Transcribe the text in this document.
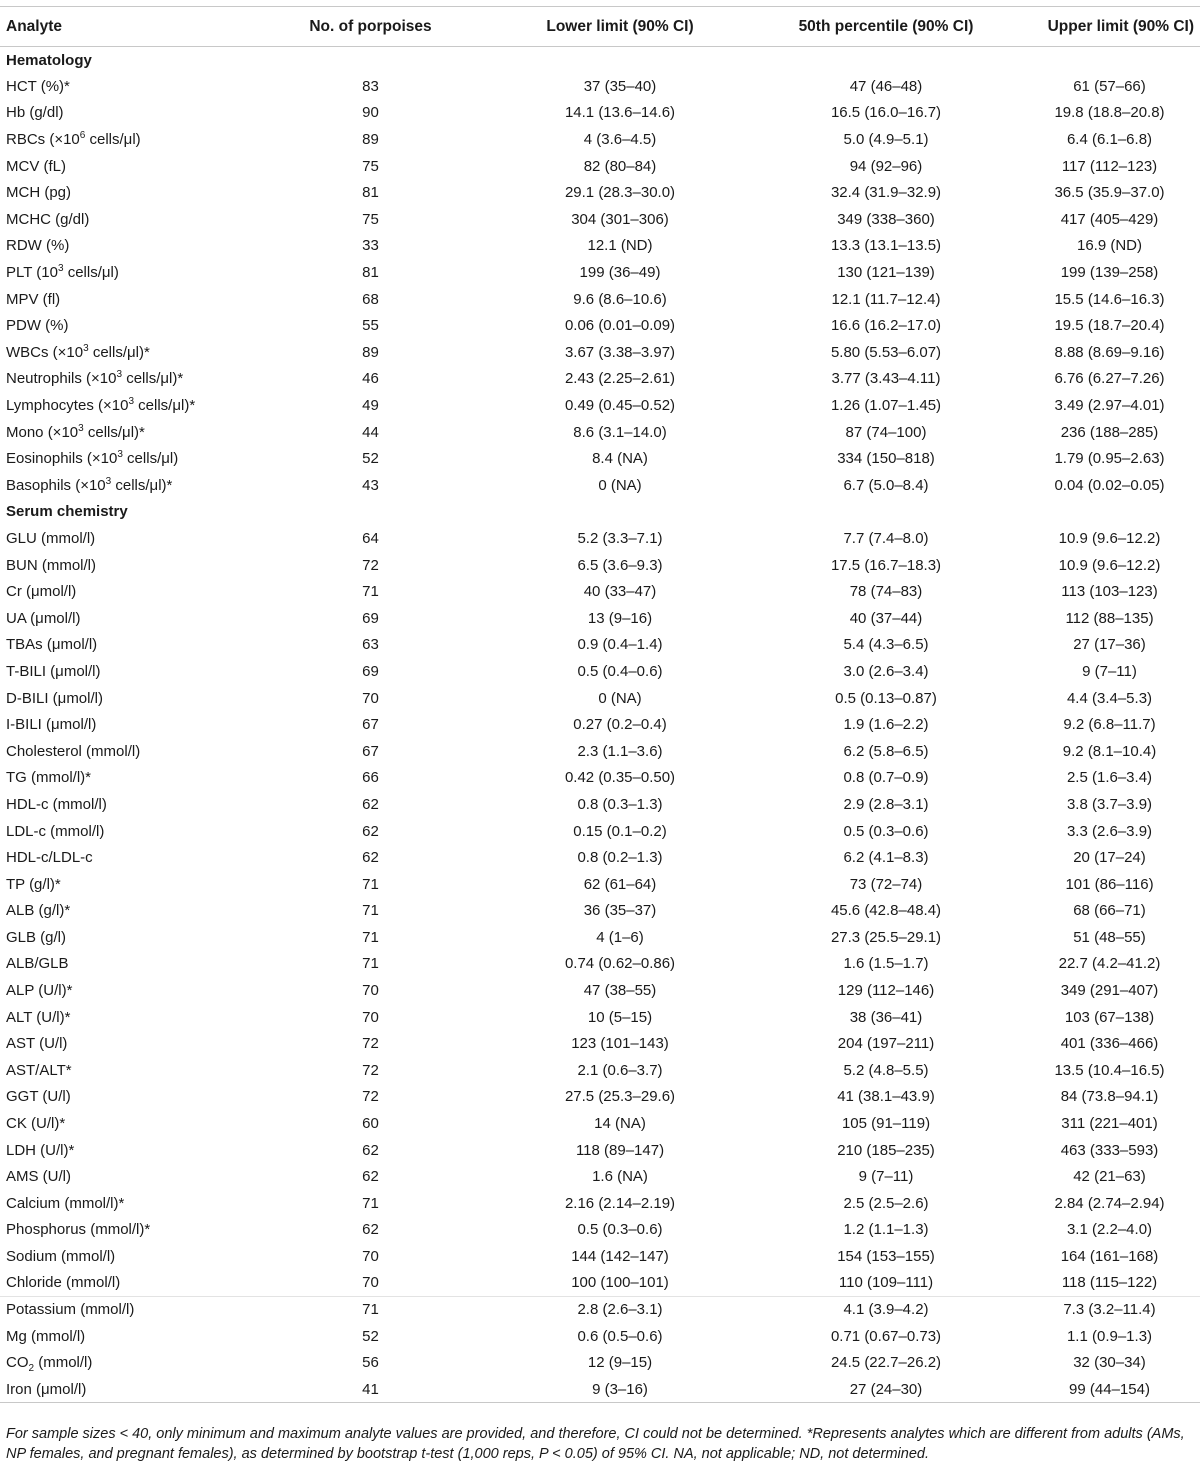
Analyte	No. of porpoises	Lower limit (90% CI)	50th percentile (90% CI)	Upper limit (90% CI)
Hematology				
HCT (%)*	83	37 (35–40)	47 (46–48)	61 (57–66)
Hb (g/dl)	90	14.1 (13.6–14.6)	16.5 (16.0–16.7)	19.8 (18.8–20.8)
RBCs ($\times 10^6$ cells/μl)	89	4 (3.6–4.5)	5.0 (4.9–5.1)	6.4 (6.1–6.8)
MCV (fL)	75	82 (80–84)	94 (92–96)	117 (112–123)
MCH (pg)	81	29.1 (28.3–30.0)	32.4 (31.9–32.9)	36.5 (35.9–37.0)
MCHC (g/dl)	75	304 (301–306)	349 (338–360)	417 (405–429)
RDW (%)	33	12.1 (ND)	13.3 (13.1–13.5)	16.9 (ND)
PLT ($10^3$ cells/μl)	81	199 (36–49)	130 (121–139)	199 (139–258)
MPV (fl)	68	9.6 (8.6–10.6)	12.1 (11.7–12.4)	15.5 (14.6–16.3)
PDW (%)	55	0.06 (0.01–0.09)	16.6 (16.2–17.0)	19.5 (18.7–20.4)
WBCs ($\times 10^3$ cells/μl)*	89	3.67 (3.38–3.97)	5.80 (5.53–6.07)	8.88 (8.69–9.16)
Neutrophils ($\times 10^3$ cells/μl)*	46	2.43 (2.25–2.61)	3.77 (3.43–4.11)	6.76 (6.27–7.26)
Lymphocytes ($\times 10^3$ cells/μl)*	49	0.49 (0.45–0.52)	1.26 (1.07–1.45)	3.49 (2.97–4.01)
Mono ($\times 10^3$ cells/μl)*	44	8.6 (3.1–14.0)	87 (74–100)	236 (188–285)
Eosinophils ($\times 10^3$ cells/μl)	52	8.4 (NA)	334 (150–818)	1.79 (0.95–2.63)
Basophils ($\times 10^3$ cells/μl)*	43	0 (NA)	6.7 (5.0–8.4)	0.04 (0.02–0.05)
Serum chemistry				
GLU (mmol/l)	64	5.2 (3.3–7.1)	7.7 (7.4–8.0)	10.9 (9.6–12.2)
BUN (mmol/l)	72	6.5 (3.6–9.3)	17.5 (16.7–18.3)	10.9 (9.6–12.2)
Cr (μmol/l)	71	40 (33–47)	78 (74–83)	113 (103–123)
UA (μmol/l)	69	13 (9–16)	40 (37–44)	112 (88–135)
TBAs (μmol/l)	63	0.9 (0.4–1.4)	5.4 (4.3–6.5)	27 (17–36)
T-BILI (μmol/l)	69	0.5 (0.4–0.6)	3.0 (2.6–3.4)	9 (7–11)
D-BILI (μmol/l)	70	0 (NA)	0.5 (0.13–0.87)	4.4 (3.4–5.3)
I-BILI (μmol/l)	67	0.27 (0.2–0.4)	1.9 (1.6–2.2)	9.2 (6.8–11.7)
Cholesterol (mmol/l)	67	2.3 (1.1–3.6)	6.2 (5.8–6.5)	9.2 (8.1–10.4)
TG (mmol/l)*	66	0.42 (0.35–0.50)	0.8 (0.7–0.9)	2.5 (1.6–3.4)
HDL-c (mmol/l)	62	0.8 (0.3–1.3)	2.9 (2.8–3.1)	3.8 (3.7–3.9)
LDL-c (mmol/l)	62	0.15 (0.1–0.2)	0.5 (0.3–0.6)	3.3 (2.6–3.9)
HDL-c/LDL-c	62	0.8 (0.2–1.3)	6.2 (4.1–8.3)	20 (17–24)
TP (g/l)*	71	62 (61–64)	73 (72–74)	101 (86–116)
ALB (g/l)*	71	36 (35–37)	45.6 (42.8–48.4)	68 (66–71)
GLB (g/l)	71	4 (1–6)	27.3 (25.5–29.1)	51 (48–55)
ALB/GLB	71	0.74 (0.62–0.86)	1.6 (1.5–1.7)	22.7 (4.2–41.2)
ALP (U/l)*	70	47 (38–55)	129 (112–146)	349 (291–407)
ALT (U/l)*	70	10 (5–15)	38 (36–41)	103 (67–138)
AST (U/l)	72	123 (101–143)	204 (197–211)	401 (336–466)
AST/ALT*	72	2.1 (0.6–3.7)	5.2 (4.8–5.5)	13.5 (10.4–16.5)
GGT (U/l)	72	27.5 (25.3–29.6)	41 (38.1–43.9)	84 (73.8–94.1)
CK (U/l)*	60	14 (NA)	105 (91–119)	311 (221–401)
LDH (U/l)*	62	118 (89–147)	210 (185–235)	463 (333–593)
AMS (U/l)	62	1.6 (NA)	9 (7–11)	42 (21–63)
Calcium (mmol/l)*	71	2.16 (2.14–2.19)	2.5 (2.5–2.6)	2.84 (2.74–2.94)
Phosphorus (mmol/l)*	62	0.5 (0.3–0.6)	1.2 (1.1–1.3)	3.1 (2.2–4.0)
Sodium (mmol/l)	70	144 (142–147)	154 (153–155)	164 (161–168)
Chloride (mmol/l)	70	100 (100–101)	110 (109–111)	118 (115–122)
Potassium (mmol/l)	71	2.8 (2.6–3.1)	4.1 (3.9–4.2)	7.3 (3.2–11.4)
Mg (mmol/l)	52	0.6 (0.5–0.6)	0.71 (0.67–0.73)	1.1 (0.9–1.3)
$CO_2$ (mmol/l)	56	12 (9–15)	24.5 (22.7–26.2)	32 (30–34)
Iron (μmol/l)	41	9 (3–16)	27 (24–30)	99 (44–154)
For sample sizes < 40, only minimum and maximum analyte values are provided, and therefore, CI could not be determined. *Represents analytes which are different from adults (AMs, NP females, and pregnant females), as determined by bootstrap t-test (1,000 reps, P < 0.05) of 95% CI. NA, not applicable; ND, not determined.
